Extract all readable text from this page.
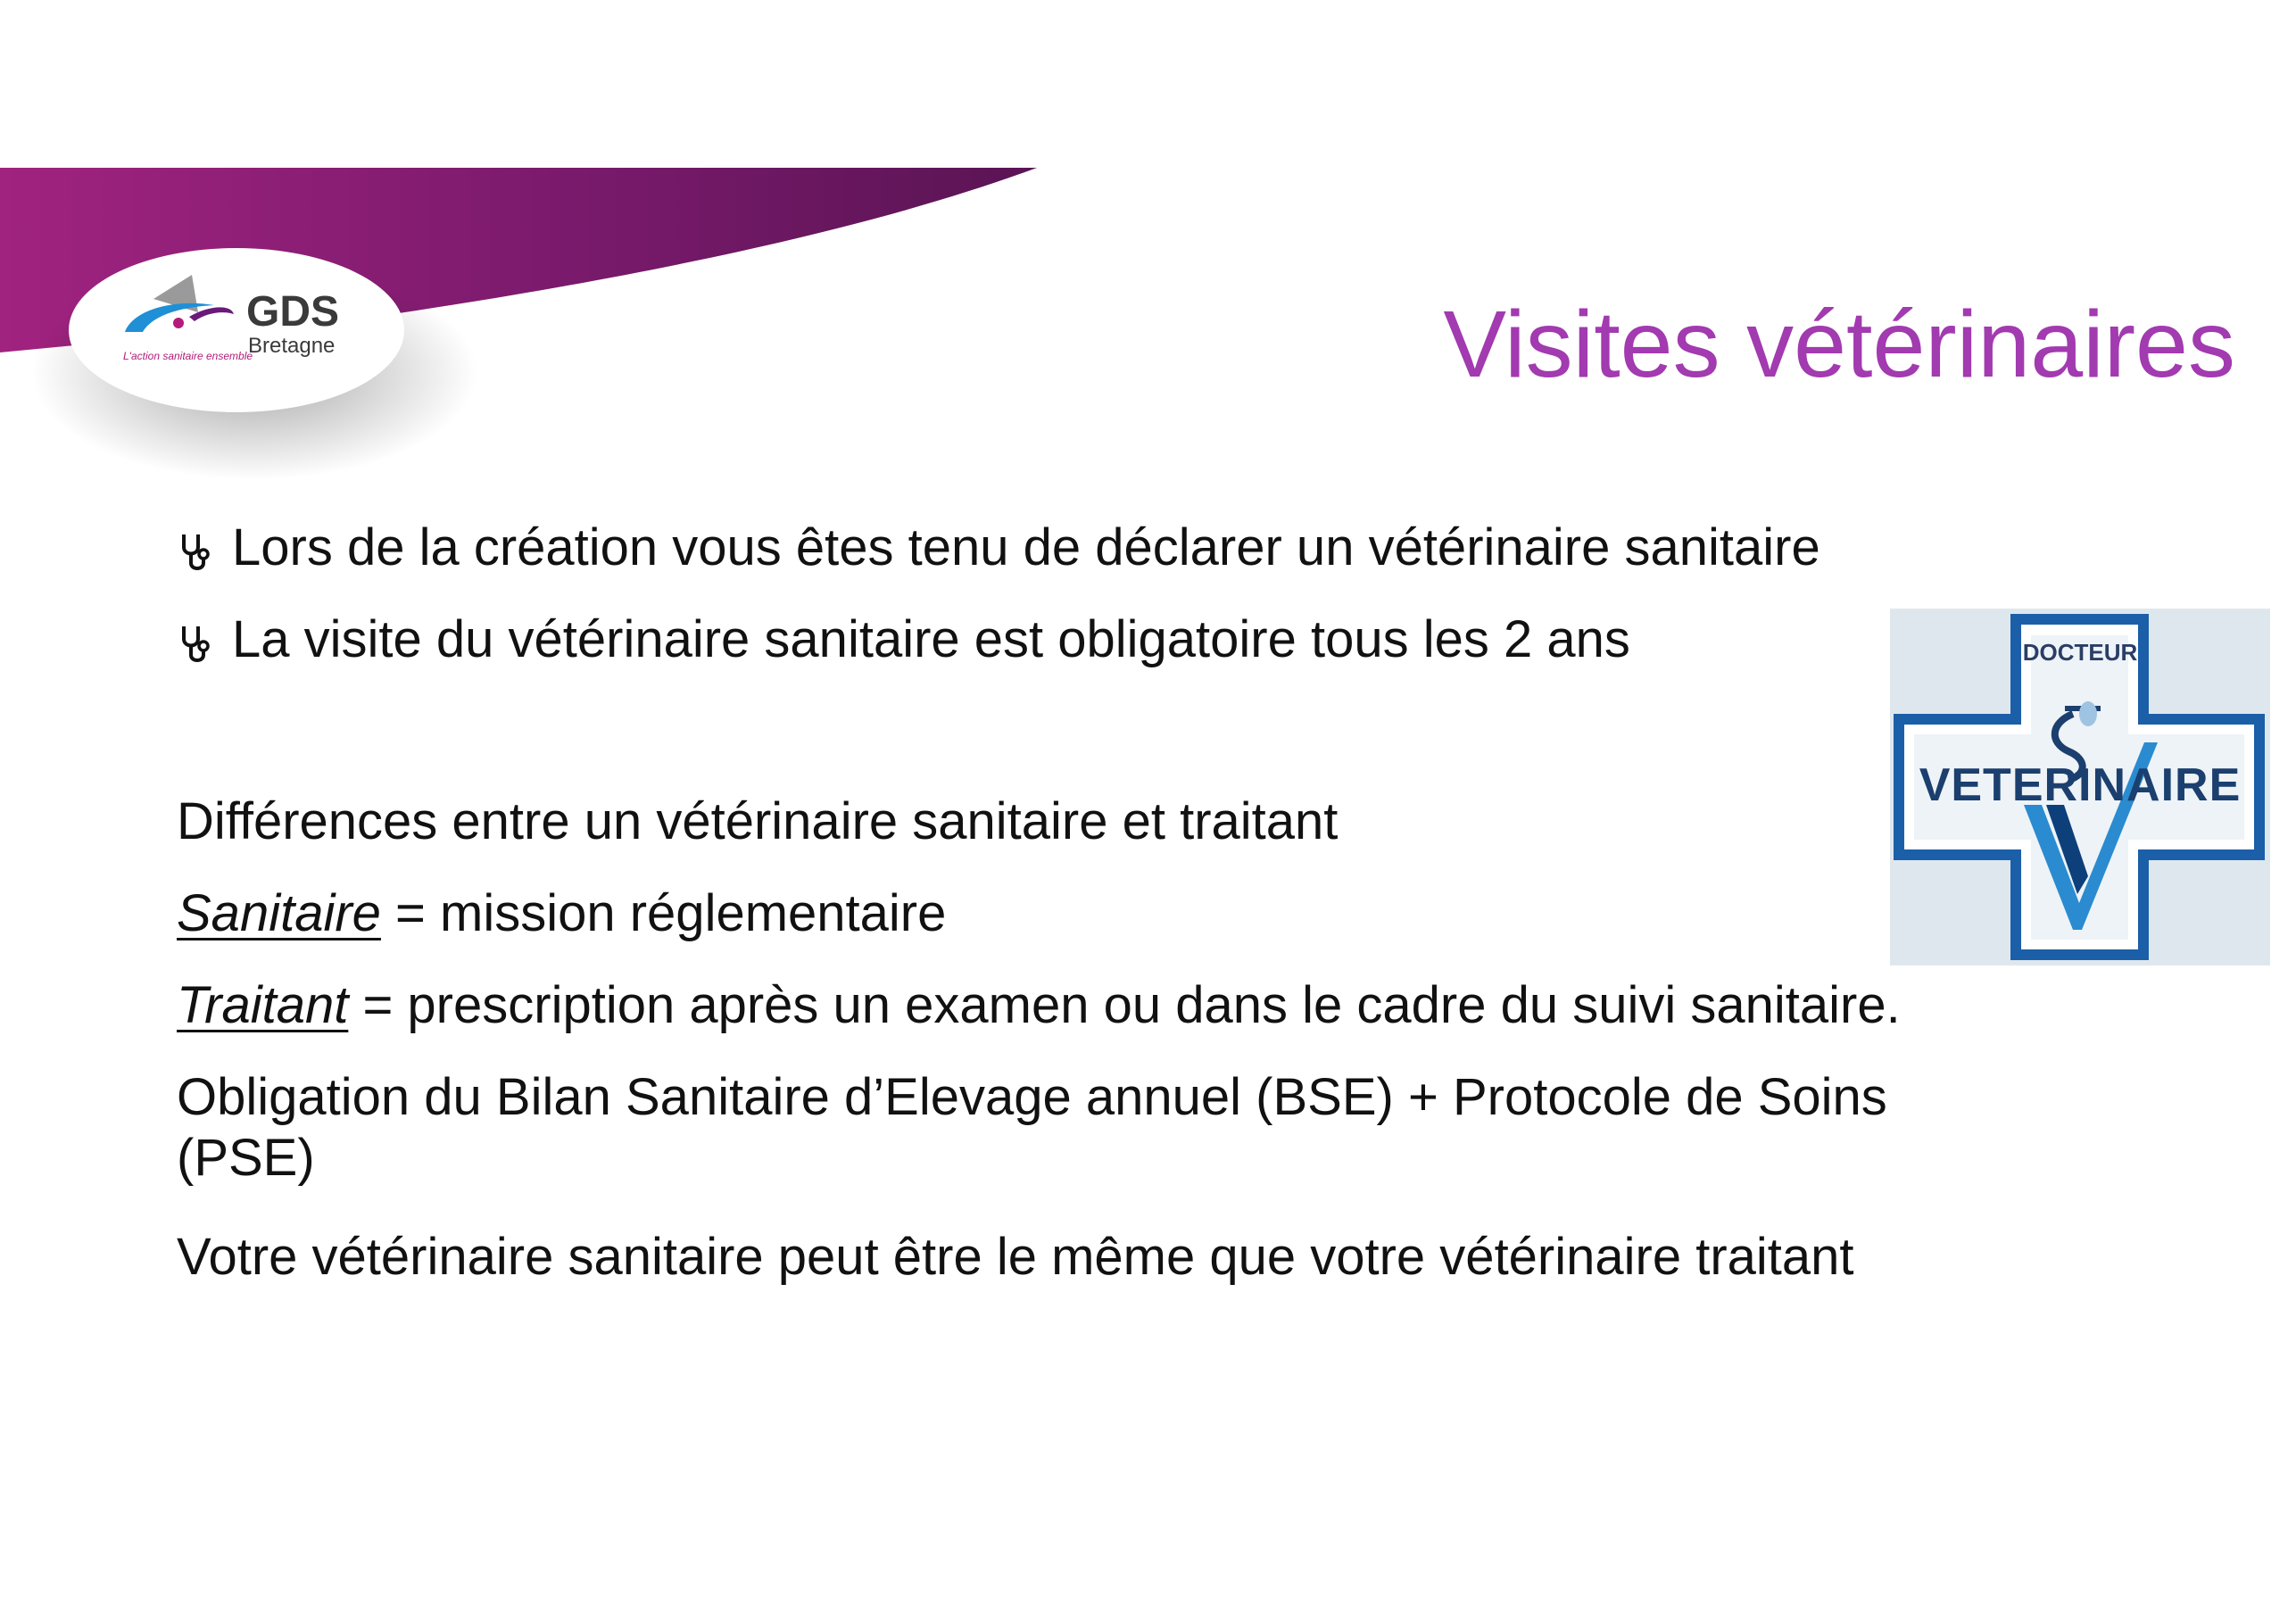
GDS
Bretagne
L'action sanitaire ensemble	Visites vétérinaires
Lors de la création vous êtes tenu de déclarer un vétérinaire sanitaire
La visite du vétérinaire sanitaire est obligatoire tous les 2 ans
Différences entre un vétérinaire sanitaire et traitant
Sanitaire = mission réglementaire
Traitant = prescription après un examen ou dans le cadre du suivi sanitaire.
Obligation du Bilan Sanitaire d’Elevage annuel (BSE) + Protocole de Soins
(PSE)
Votre vétérinaire sanitaire peut être le même que votre vétérinaire traitant
DOCTEUR
VETERINAIRE
